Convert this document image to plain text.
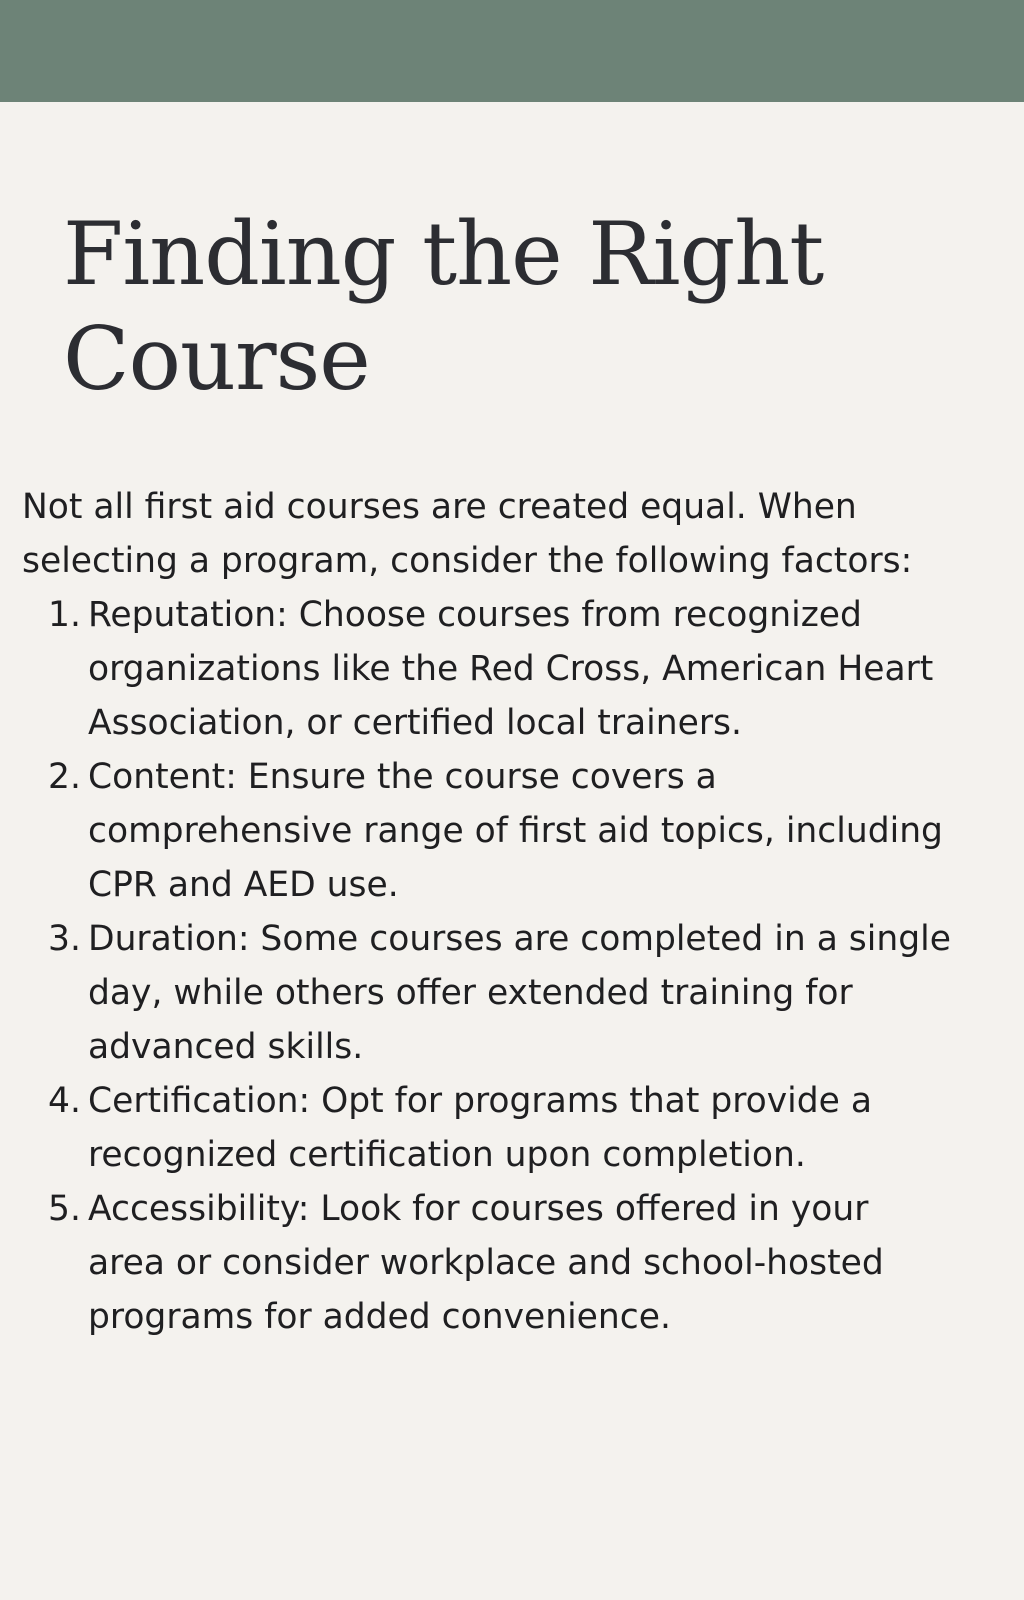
Finding the Right
Course

Not all first aid courses are created equal. When
selecting a program, consider the following factors:

1. Reputation: Choose courses from recognized
organizations like the Red Cross, American Heart
Association, or certified local trainers.
2. Content: Ensure the course covers a
comprehensive range of first aid topics, including
CPR and AED use.
3. Duration: Some courses are completed in a single
day, while others offer extended training for
advanced skills.
4. Certification: Opt for programs that provide a
recognized certification upon completion.
5. Accessibility: Look for courses offered in your
area or consider workplace and school-hosted
programs for added convenience.
